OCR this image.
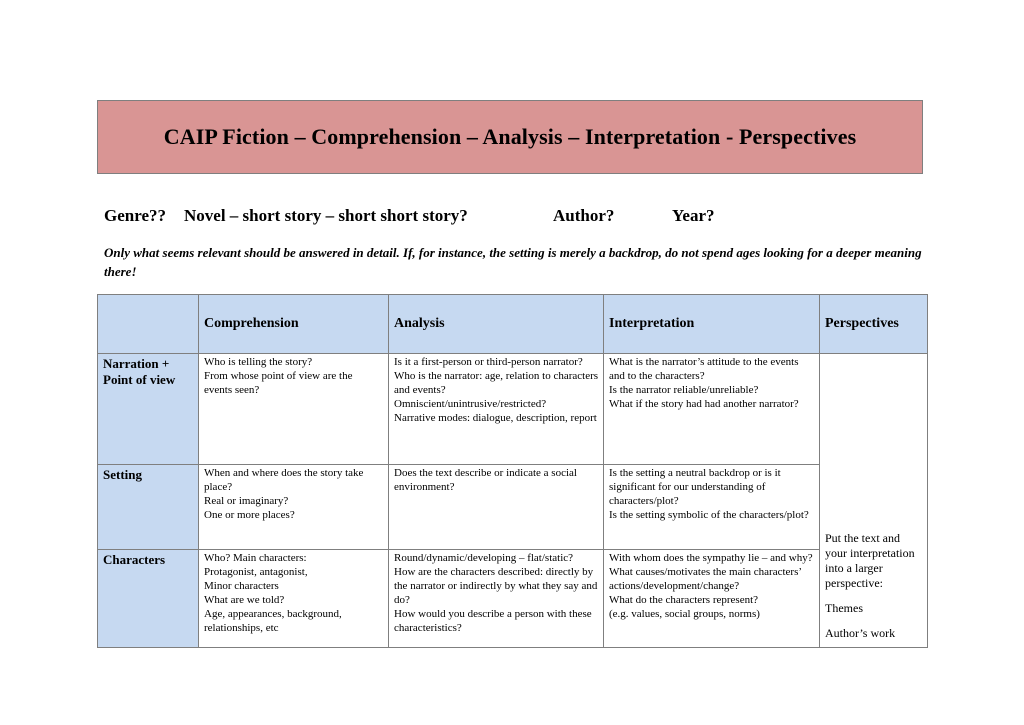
CAIP Fiction – Comprehension – Analysis – Interpretation - Perspectives
Genre?? Novel – short story – short short story?	Author?	Year?
Only what seems relevant should be answered in detail. If, for instance, the setting is merely a backdrop, do not spend ages looking for a deeper meaning there!
	Comprehension	Analysis	Interpretation	Perspectives
Narration + Point of view	Who is telling the story?
From whose point of view are the events seen?	Is it a first-person or third-person narrator?
Who is the narrator: age, relation to characters and events?
Omniscient/unintrusive/restricted?
Narrative modes: dialogue, description, report	What is the narrator’s attitude to the events and to the characters?
Is the narrator reliable/unreliable?
What if the story had had another narrator?	Put the text and your interpretation into a larger perspective:
Themes
Author’s work

Setting	When and where does the story take place?
Real or imaginary?
One or more places?	Does the text describe or indicate a social environment?	Is the setting a neutral backdrop or is it significant for our understanding of characters/plot?
Is the setting symbolic of the characters/plot?	

Characters	Who? Main characters:
Protagonist, antagonist,
Minor characters
What are we told?
Age, appearances, background, relationships, etc	Round/dynamic/developing – flat/static?
How are the characters described: directly by the narrator or indirectly by what they say and do?
How would you describe a person with these characteristics?	With whom does the sympathy lie – and why?
What causes/motivates the main characters’ actions/development/change?
What do the characters represent?
(e.g. values, social groups, norms)	
